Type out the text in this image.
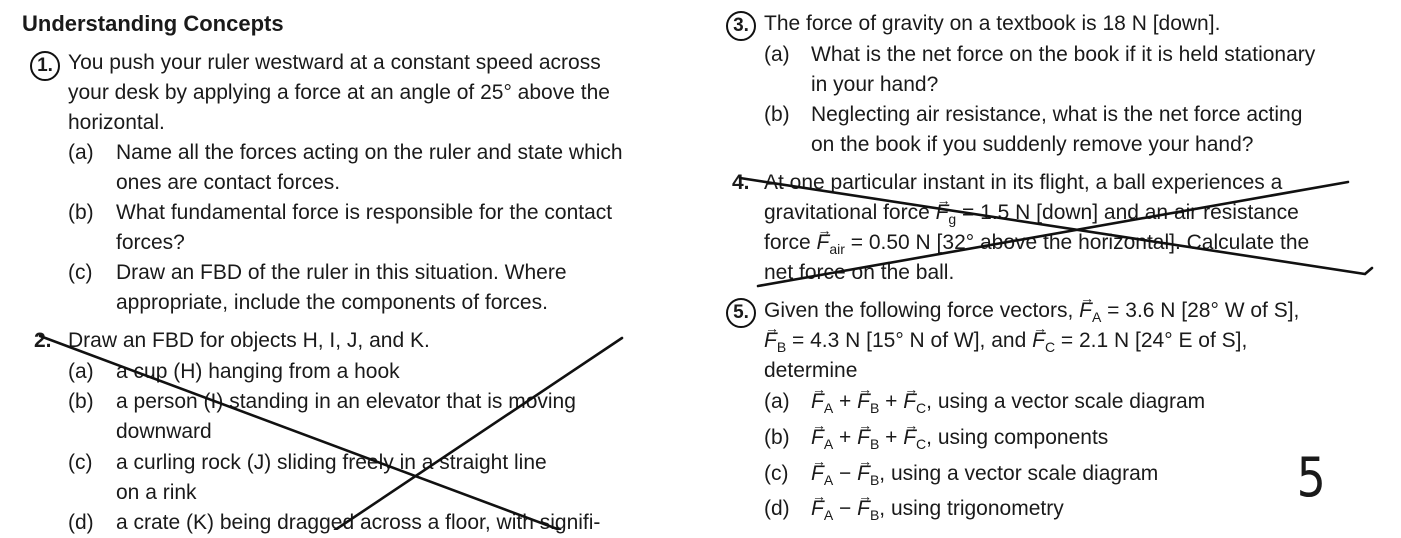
Understanding Concepts
1. You push your ruler westward at a constant speed across
your desk by applying a force at an angle of 25° above the
horizontal.
(a) Name all the forces acting on the ruler and state which
ones are contact forces.
(b) What fundamental force is responsible for the contact
forces?
(c) Draw an FBD of the ruler in this situation. Where
appropriate, include the components of forces.
2. Draw an FBD for objects H, I, J, and K.
(a) a cup (H) hanging from a hook
(b) a person (I) standing in an elevator that is moving
downward
(c) a curling rock (J) sliding freely in a straight line
on a rink
(d) a crate (K) being dragged across a floor, with signifi-
3. The force of gravity on a textbook is 18 N [down].
(a) What is the net force on the book if it is held stationary
in your hand?
(b) Neglecting air resistance, what is the net force acting
on the book if you suddenly remove your hand?
4. At one particular instant in its flight, a ball experiences a
gravitational force → $F_g = 1.5$ N [down] and an air resistance
force → $F_{air} = 0.50$ N [32° above the horizontal]. Calculate the
net force on the ball.
5. Given the following force vectors, → $F_A = 3.6$ N [28° W of S],
→ $F_B = 4.3$ N [15° N of W], and → $F_C = 2.1$ N [24° E of S],
determine
(a)
→ $F_A$ + → $F_B$ + → $F_C$, using a vector scale diagram
(b)
→ $F_A$ + → $F_B$ + → $F_C$, using components
(c)
→ $F_A$ − → $F_B$, using a vector scale diagram
(d)
→ $F_A$ − → $F_B$, using trigonometry	5
